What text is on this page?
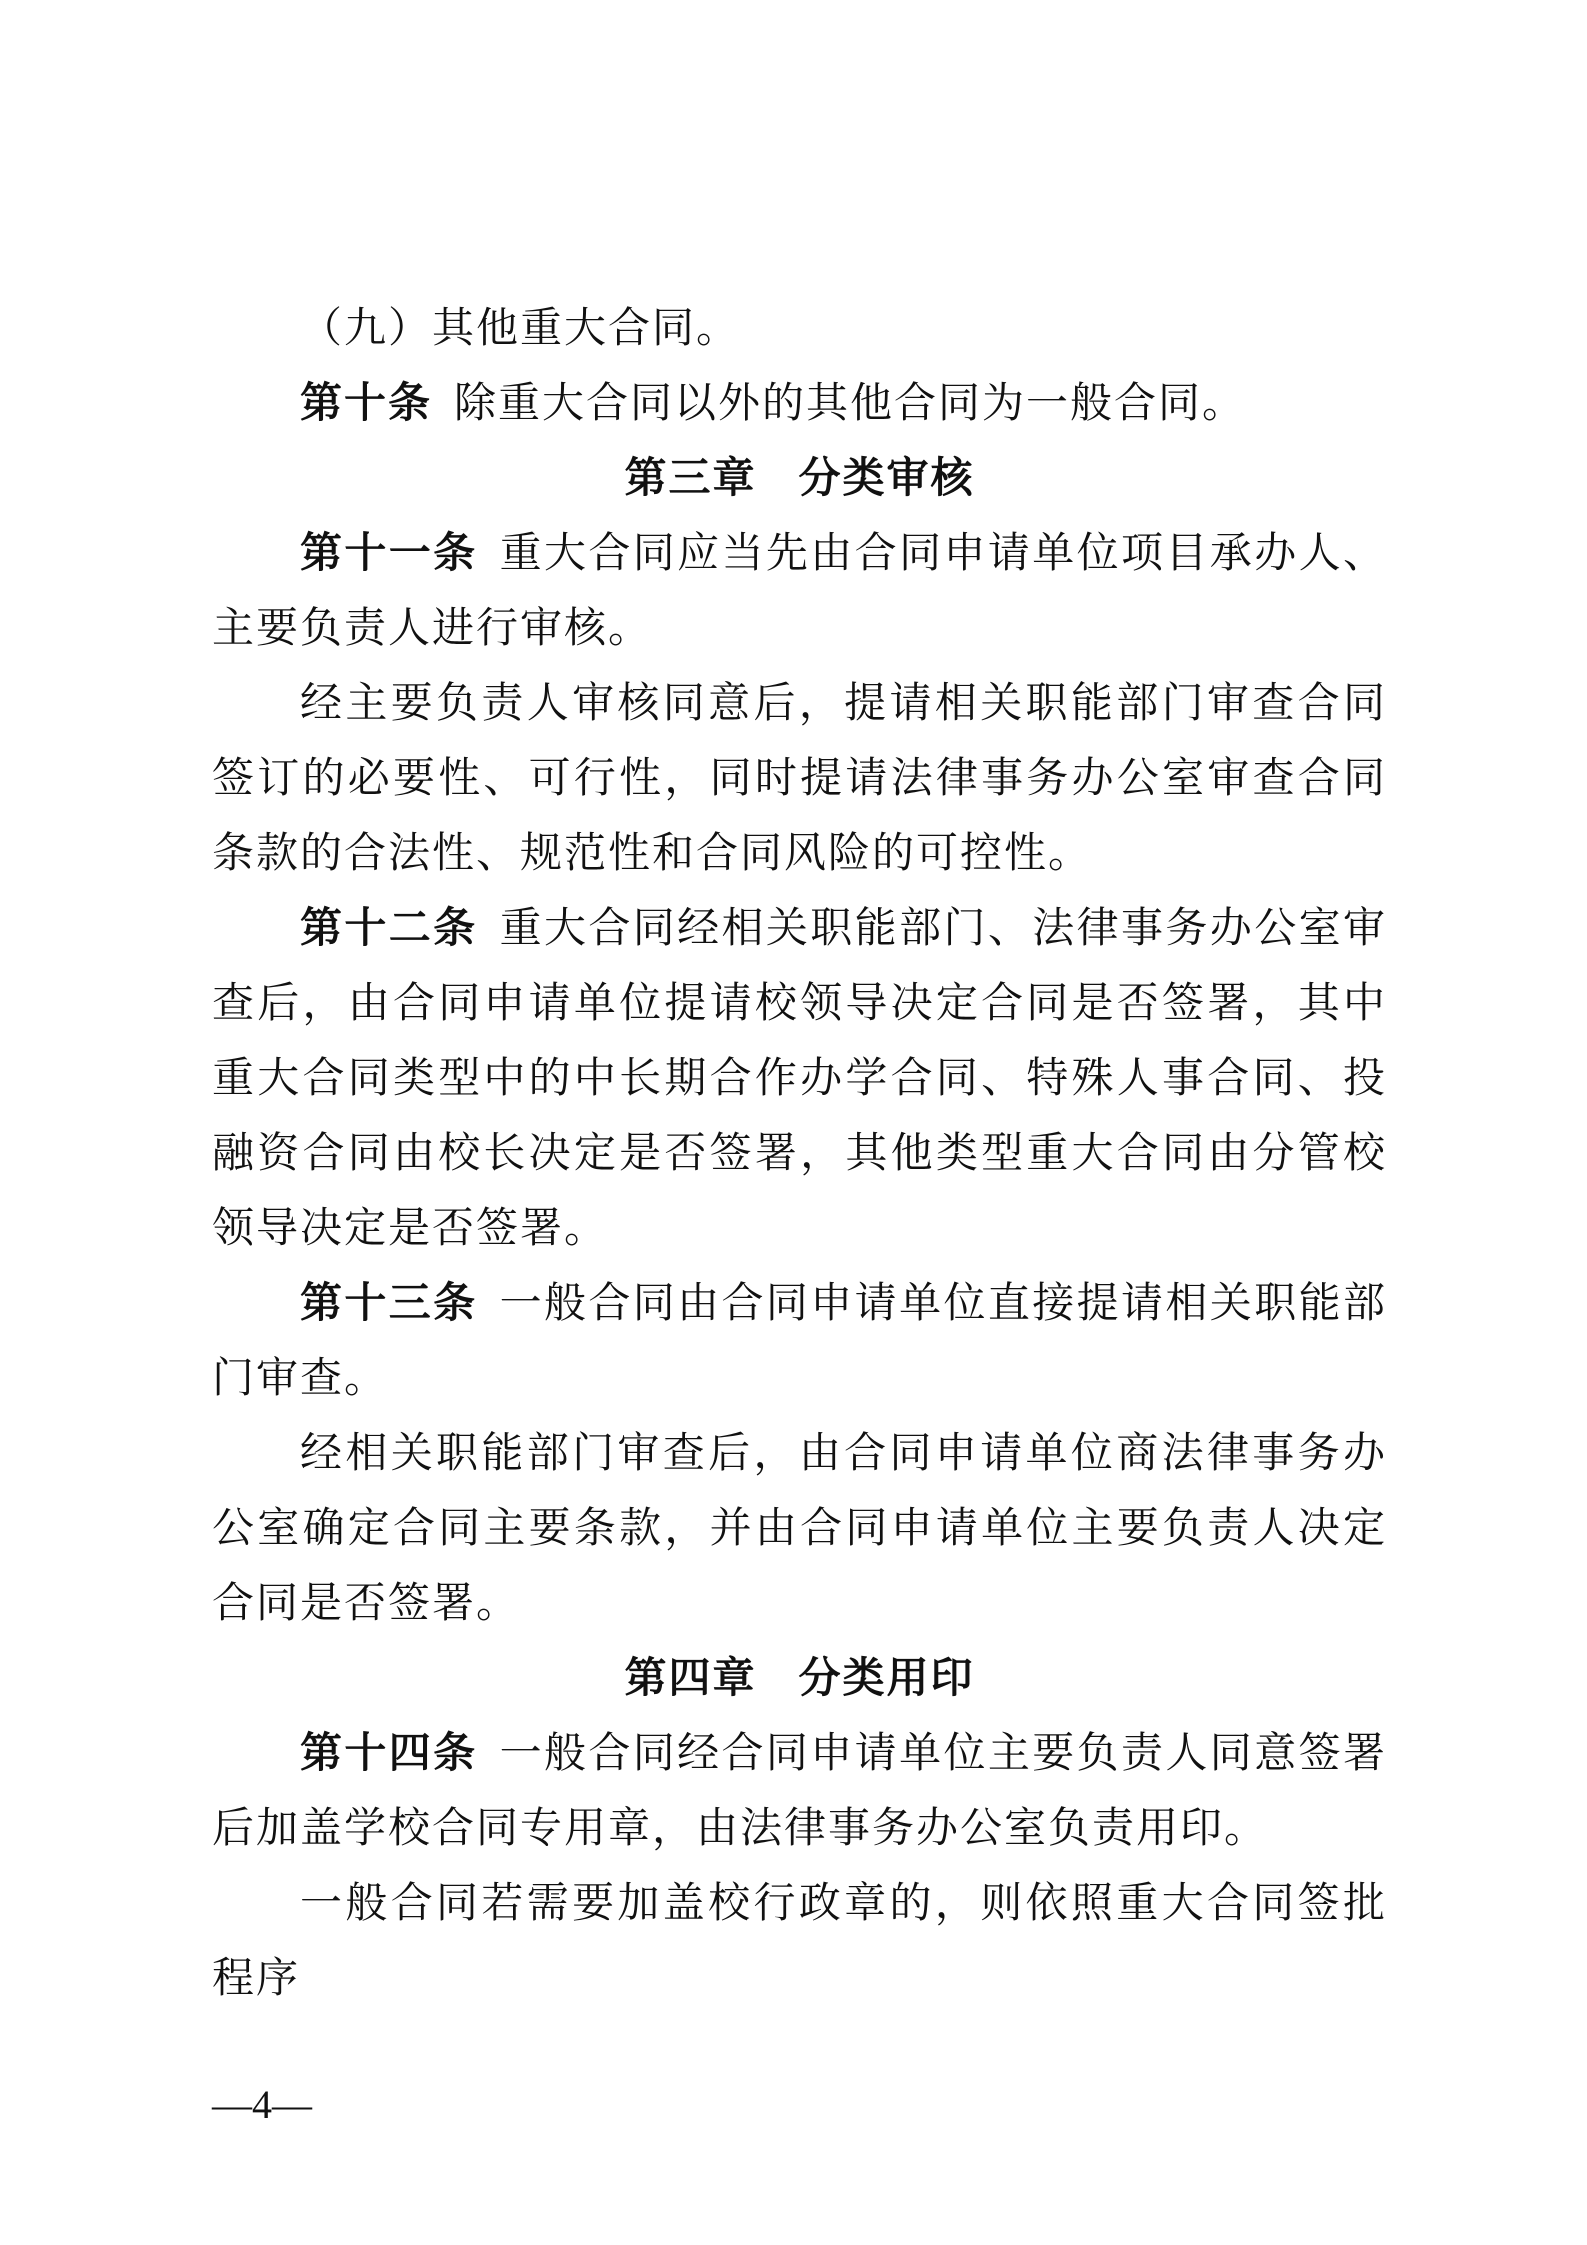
（九）其他重大合同。

第十条 除重大合同以外的其他合同为一般合同。

第三章 分类审核

第十一条 重大合同应当先由合同申请单位项目承办人、主要负责人进行审核。

经主要负责人审核同意后，提请相关职能部门审查合同签订的必要性、可行性，同时提请法律事务办公室审查合同条款的合法性、规范性和合同风险的可控性。

第十二条 重大合同经相关职能部门、法律事务办公室审查后，由合同申请单位提请校领导决定合同是否签署，其中重大合同类型中的中长期合作办学合同、特殊人事合同、投融资合同由校长决定是否签署，其他类型重大合同由分管校领导决定是否签署。

第十三条 一般合同由合同申请单位直接提请相关职能部门审查。

经相关职能部门审查后，由合同申请单位商法律事务办公室确定合同主要条款，并由合同申请单位主要负责人决定合同是否签署。

第四章 分类用印

第十四条 一般合同经合同申请单位主要负责人同意签署后加盖学校合同专用章，由法律事务办公室负责用印。

一般合同若需要加盖校行政章的，则依照重大合同签批程序

—4—
